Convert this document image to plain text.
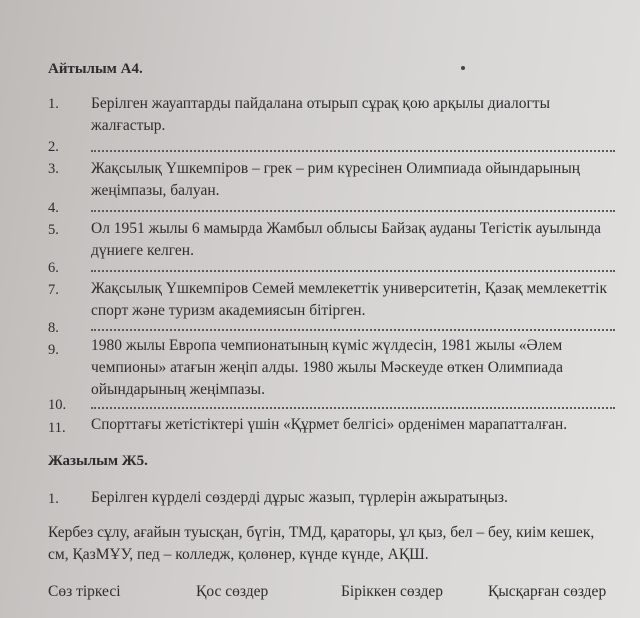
Айтылым А4.
1.	Берілген жауаптарды пайдалана отырып сұрақ қою арқылы диалогты жалғастыр.
2.
3.	Жақсылық Үшкемпіров – грек – рим күресінен Олимпиада ойындарының жеңімпазы, балуан.
4.
5.	Ол 1951 жылы 6 мамырда Жамбыл облысы Байзақ ауданы Тегістік ауылында дүниеге келген.
6.
7.	Жақсылық Үшкемпіров Семей мемлекеттік университетін, Қазақ мемлекеттік спорт және туризм академиясын бітірген.
8.
9.	1980 жылы Европа чемпионатының күміс жүлдесін, 1981 жылы «Әлем чемпионы» атағын жеңіп алды. 1980 жылы Мәскеуде өткен Олимпиада ойындарының жеңімпазы.
10.
11.	Спорттағы жетістіктері үшін «Құрмет белгісі» орденімен марапатталған.
Жазылым Ж5.
1.	Берілген күрделі сөздерді дұрыс жазып, түрлерін ажыратыңыз.
Кербез сұлу, ағайын туысқан, бүгін, ТМД, қараторы, ұл қыз, бел – беу, киім кешек, см, ҚазМҰУ, пед – колледж, қолөнер, күнде күнде, АҚШ.
Сөз тіркесі	Қос сөздер	Біріккен сөздер	Қысқарған сөздер
